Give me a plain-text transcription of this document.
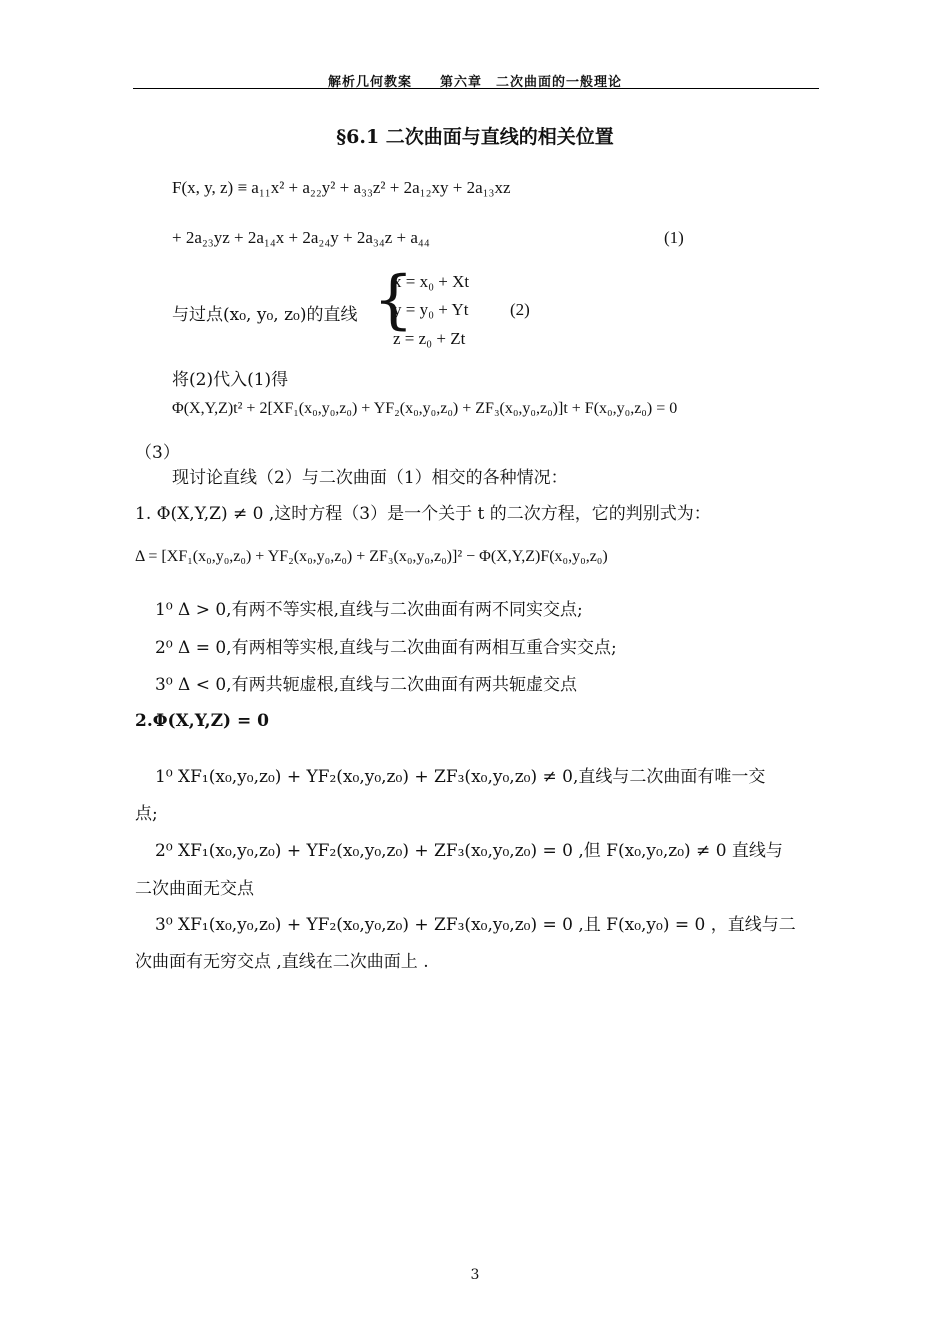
解析几何教案　　第六章　二次曲面的一般理论
§6.1 二次曲面与直线的相关位置
F(x, y, z) ≡ a₁₁x² + a₂₂y² + a₃₃z² + 2a₁₂xy + 2a₁₃xz
+ 2a₂₃yz + 2a₁₄x + 2a₂₄y + 2a₃₄z + a₄₄	(1)
与过点(x₀, y₀, z₀)的直线 {
x = x₀ + Xt
y = y₀ + Yt
z = z₀ + Zt
(2)
将(2)代入(1)得
Φ(X,Y,Z)t² + 2[XF₁(x₀,y₀,z₀) + YF₂(x₀,y₀,z₀) + ZF₃(x₀,y₀,z₀)]t + F(x₀,y₀,z₀) = 0
（3）
现讨论直线（2）与二次曲面（1）相交的各种情况：
1. Φ(X,Y,Z) ≠ 0 ,这时方程（3）是一个关于 t 的二次方程，它的判别式为：
Δ = [XF₁(x₀,y₀,z₀) + YF₂(x₀,y₀,z₀) + ZF₃(x₀,y₀,z₀)]² − Φ(X,Y,Z)F(x₀,y₀,z₀)
1⁰ Δ > 0,有两不等实根,直线与二次曲面有两不同实交点;
2⁰ Δ = 0,有两相等实根,直线与二次曲面有两相互重合实交点;
3⁰ Δ < 0,有两共轭虚根,直线与二次曲面有两共轭虚交点
2.Φ(X,Y,Z) = 0
1⁰ XF₁(x₀,y₀,z₀) + YF₂(x₀,y₀,z₀) + ZF₃(x₀,y₀,z₀) ≠ 0,直线与二次曲面有唯一交
点;
2⁰ XF₁(x₀,y₀,z₀) + YF₂(x₀,y₀,z₀) + ZF₃(x₀,y₀,z₀) = 0 ,但 F(x₀,y₀,z₀) ≠ 0 直线与
二次曲面无交点
3⁰ XF₁(x₀,y₀,z₀) + YF₂(x₀,y₀,z₀) + ZF₃(x₀,y₀,z₀) = 0 ,且 F(x₀,y₀) = 0 ，直线与二
次曲面有无穷交点 ,直线在二次曲面上 .
3
